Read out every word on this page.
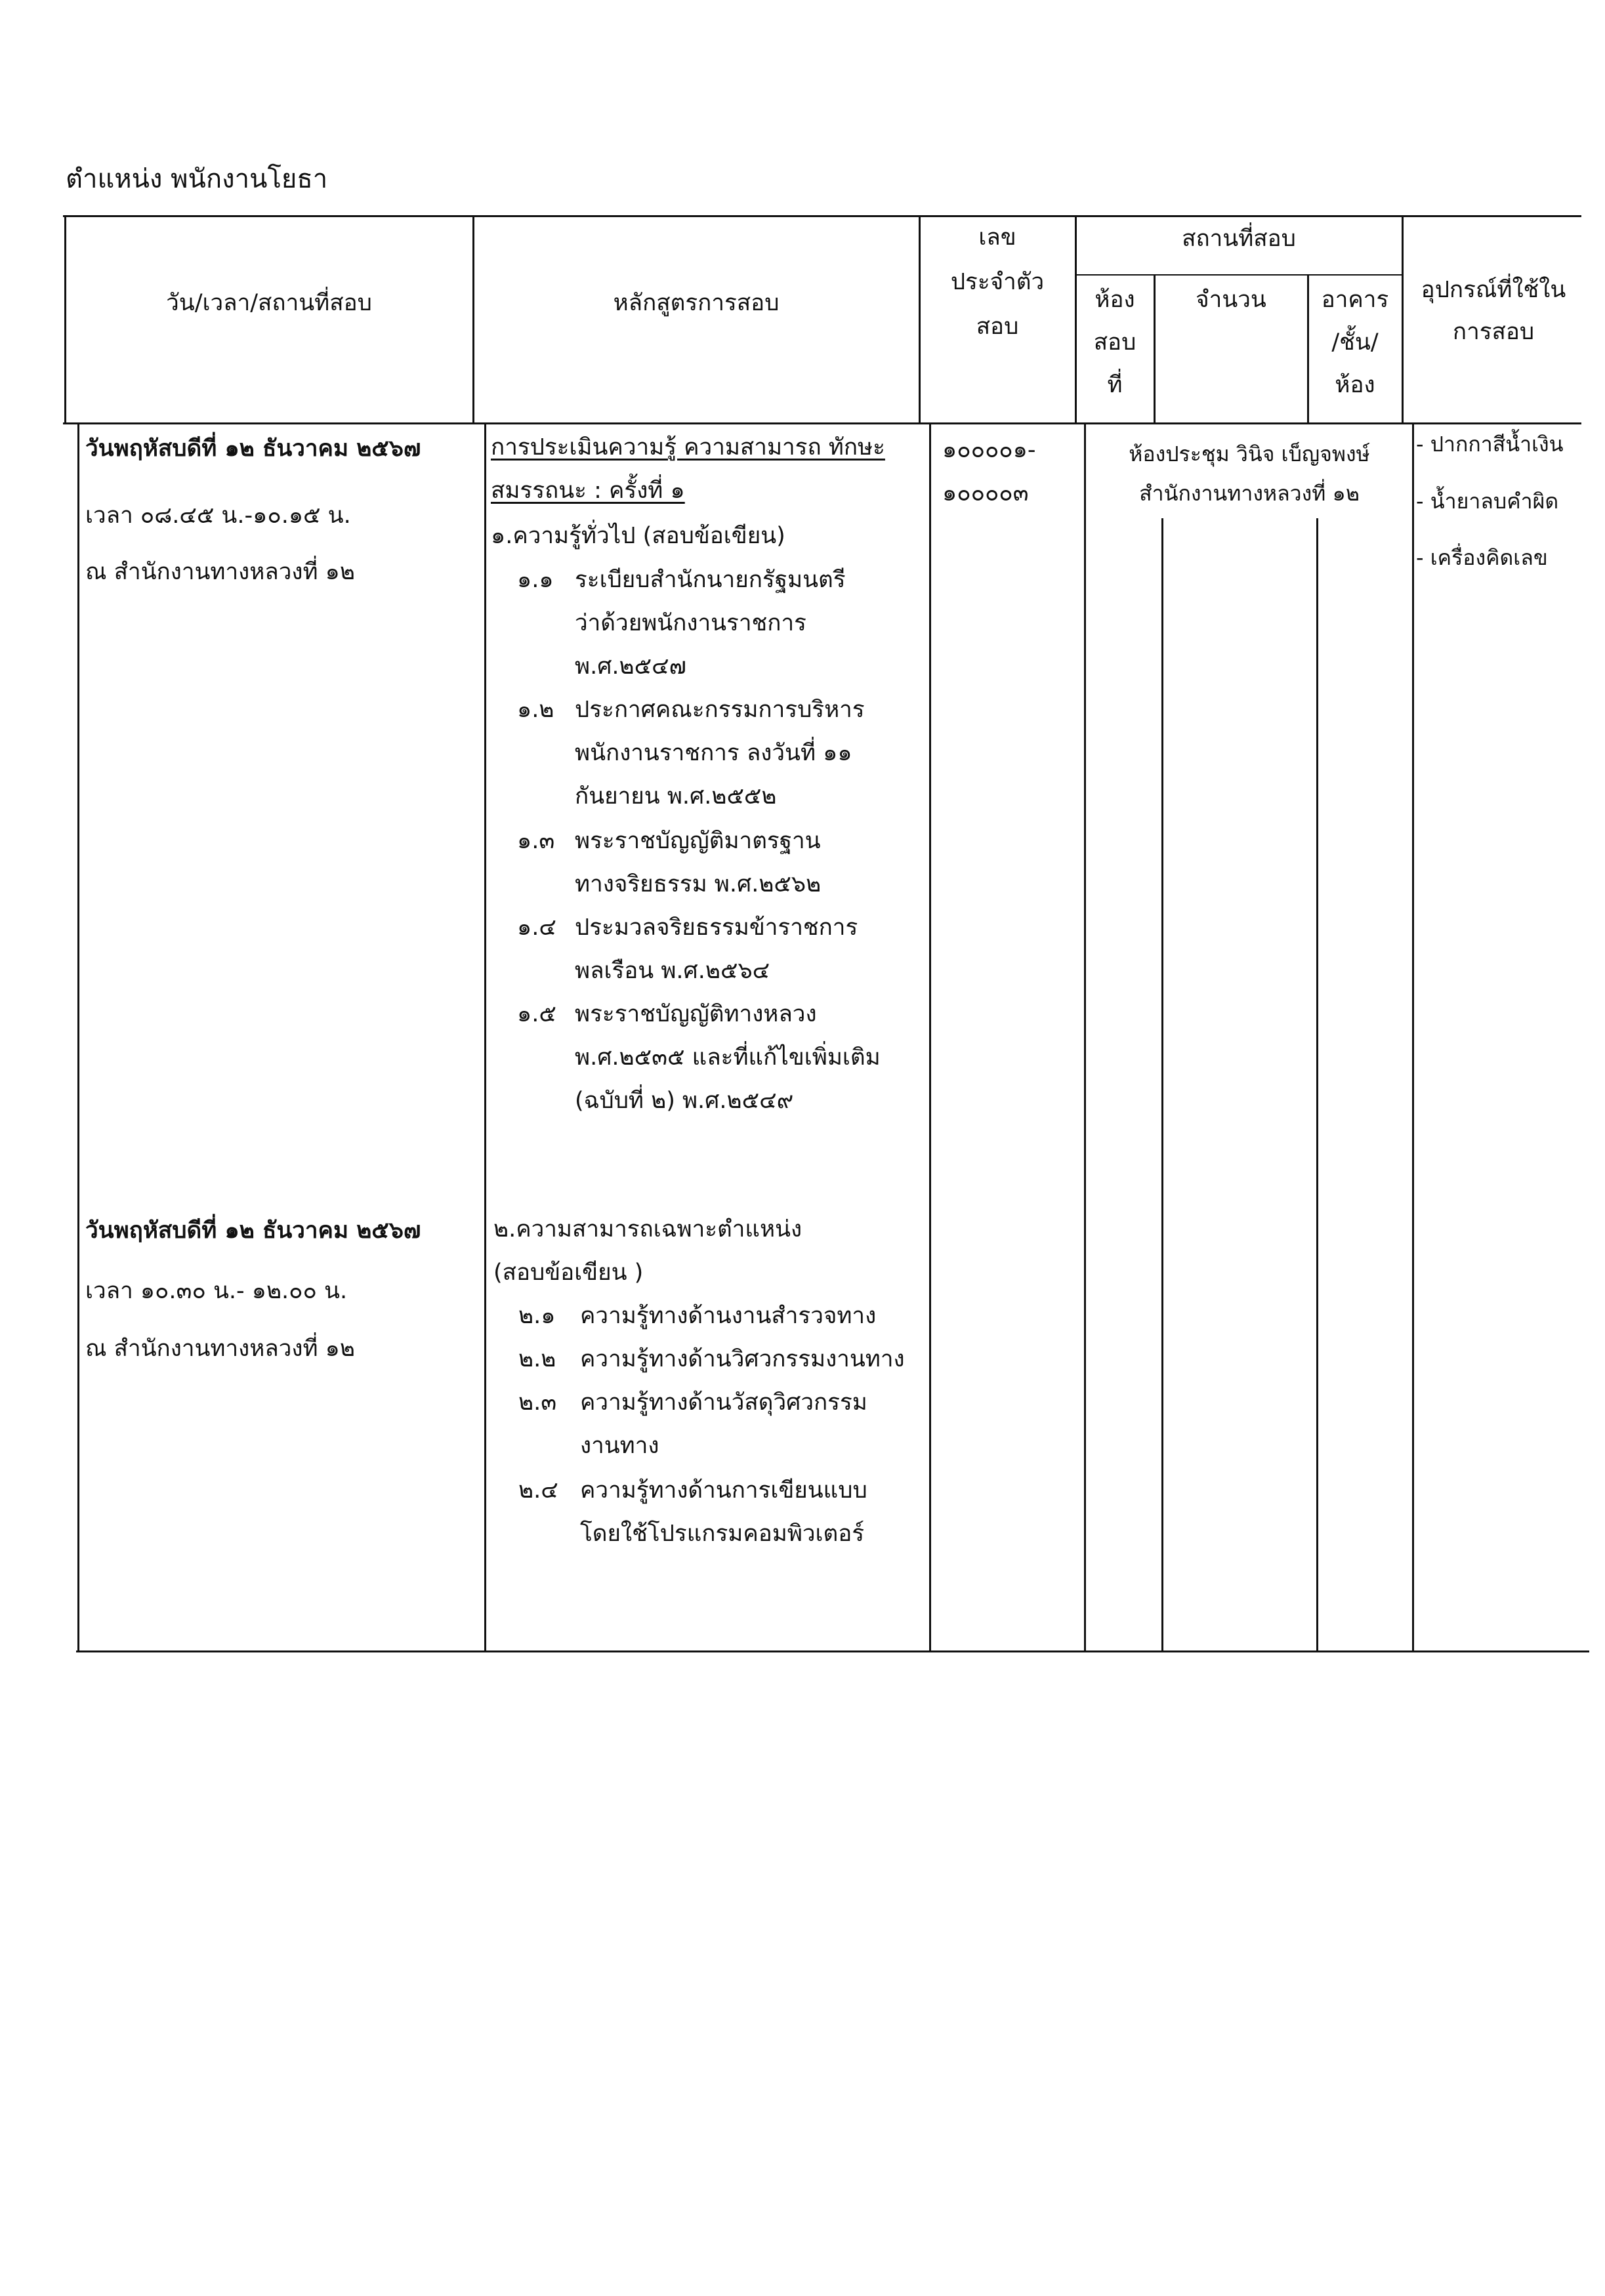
ตำแหน่ง พนักงานโยธา
วัน/เวลา/สถานที่สอบ	หลักสูตรการสอบ
เลข
ประจำตัว
สอบ
สถานที่สอบ
ห้อง
สอบ
ที่
จำนวน	อาคาร
/ชั้น/
ห้อง
อุปกรณ์ที่ใช้ใน
การสอบ
วันพฤหัสบดีที่ ๑๒ ธันวาคม ๒๕๖๗
เวลา ๐๘.๔๕ น.-๑๐.๑๕ น.
ณ สำนักงานทางหลวงที่ ๑๒
การประเมินความรู้ ความสามารถ ทักษะ
สมรรถนะ : ครั้งที่ ๑
๑.ความรู้ทั่วไป (สอบข้อเขียน)
๑.๑ ระเบียบสำนักนายกรัฐมนตรี
ว่าด้วยพนักงานราชการ
พ.ศ.๒๕๔๗
๑.๒ ประกาศคณะกรรมการบริหาร
พนักงานราชการ ลงวันที่ ๑๑
กันยายน พ.ศ.๒๕๕๒
๑.๓ พระราชบัญญัติมาตรฐาน
ทางจริยธรรม พ.ศ.๒๕๖๒
๑.๔ ประมวลจริยธรรมข้าราชการ
พลเรือน พ.ศ.๒๕๖๔
๑.๕ พระราชบัญญัติทางหลวง
พ.ศ.๒๕๓๕ และที่แก้ไขเพิ่มเติม
(ฉบับที่ ๒) พ.ศ.๒๕๔๙
๑๐๐๐๐๑-
๑๐๐๐๐๓
ห้องประชุม วินิจ เบ็ญจพงษ์
สำนักงานทางหลวงที่ ๑๒
- ปากกาสีน้ำเงิน
- น้ำยาลบคำผิด
- เครื่องคิดเลข
วันพฤหัสบดีที่ ๑๒ ธันวาคม ๒๕๖๗
เวลา ๑๐.๓๐ น.- ๑๒.๐๐ น.
ณ สำนักงานทางหลวงที่ ๑๒
๒.ความสามารถเฉพาะตำแหน่ง
(สอบข้อเขียน )
๒.๑ ความรู้ทางด้านงานสำรวจทาง
๒.๒ ความรู้ทางด้านวิศวกรรมงานทาง
๒.๓ ความรู้ทางด้านวัสดุวิศวกรรม
งานทาง
๒.๔ ความรู้ทางด้านการเขียนแบบ
โดยใช้โปรแกรมคอมพิวเตอร์
